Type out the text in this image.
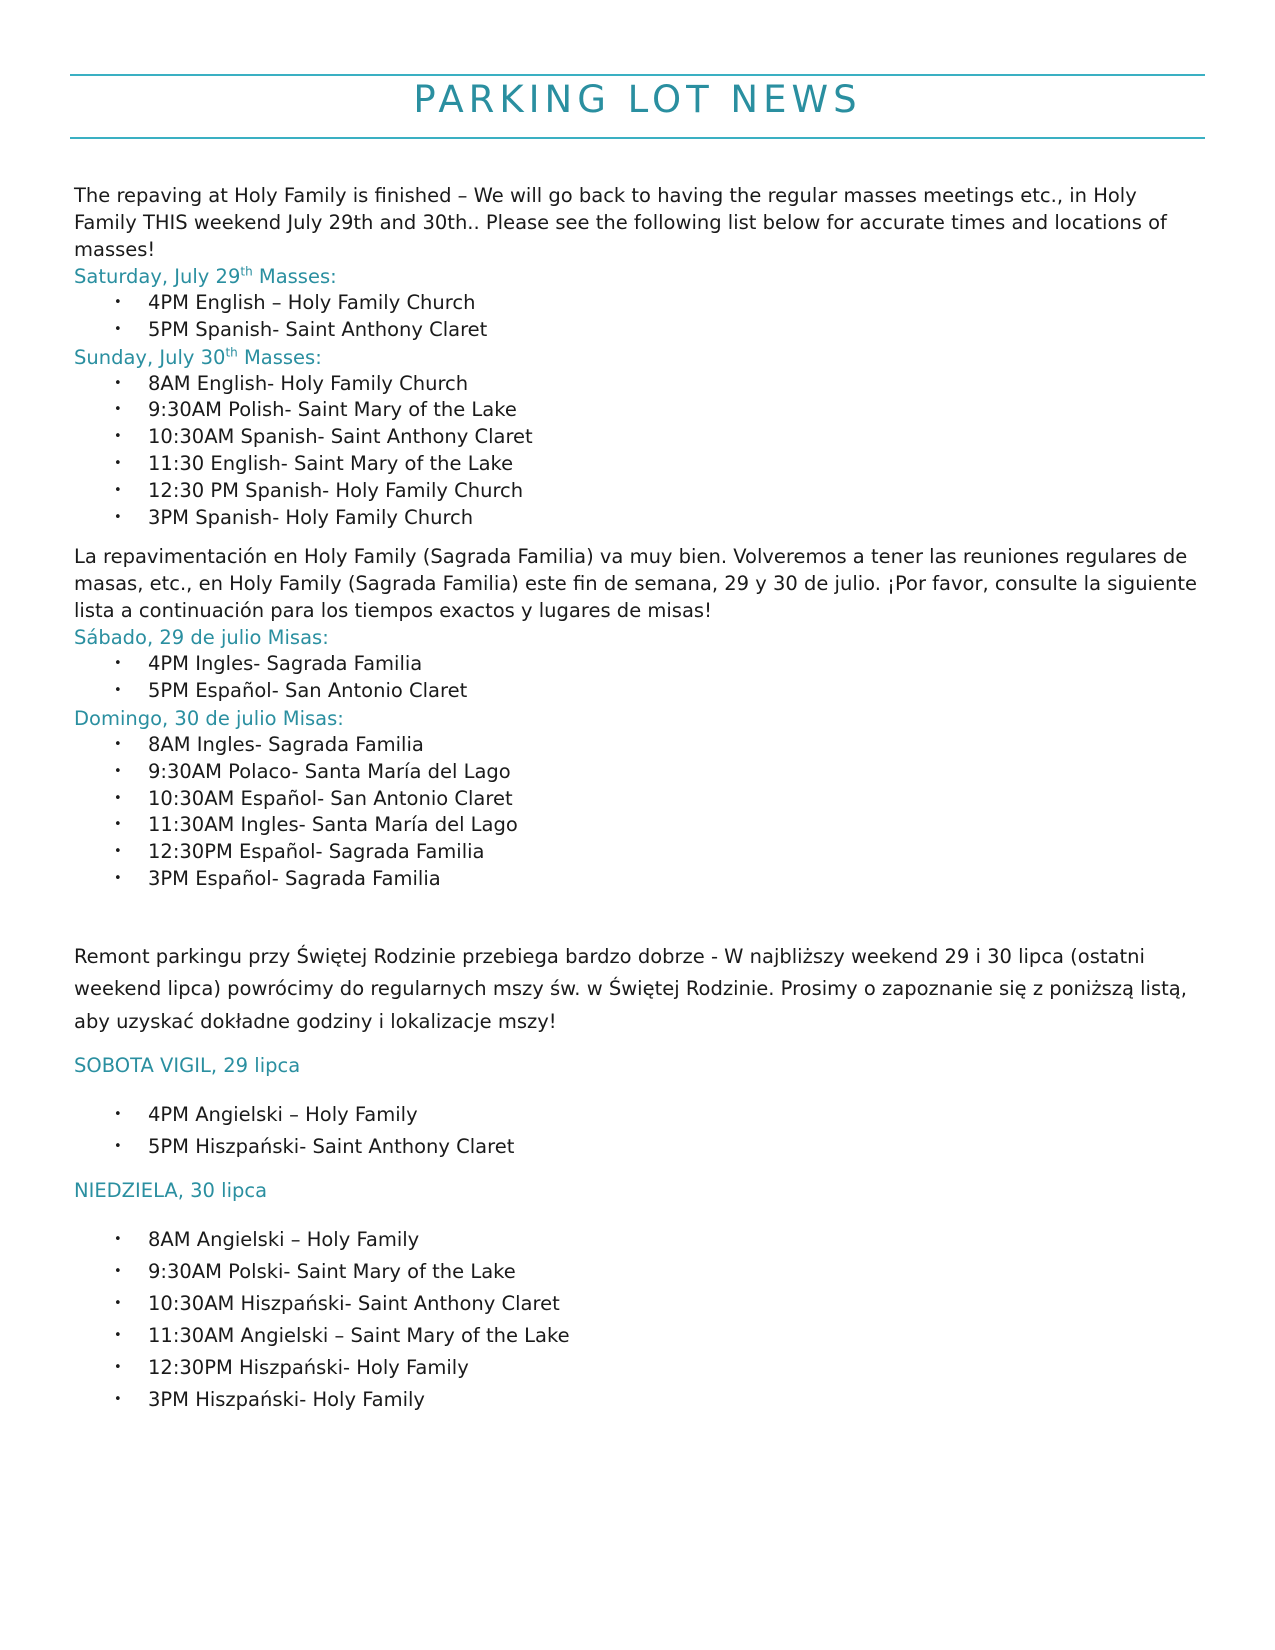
PARKING LOT NEWS

The repaving at Holy Family is finished – We will go back to having the regular masses meetings etc., in Holy Family THIS weekend July 29th and 30th.. Please see the following list below for accurate times and locations of masses!

Saturday, July 29th Masses:
• 4PM English – Holy Family Church
• 5PM Spanish- Saint Anthony Claret
Sunday, July 30th Masses:
• 8AM English- Holy Family Church
• 9:30AM Polish- Saint Mary of the Lake
• 10:30AM Spanish- Saint Anthony Claret
• 11:30 English- Saint Mary of the Lake
• 12:30 PM Spanish- Holy Family Church
• 3PM Spanish- Holy Family Church

La repavimentación en Holy Family (Sagrada Familia) va muy bien. Volveremos a tener las reuniones regulares de masas, etc., en Holy Family (Sagrada Familia) este fin de semana, 29 y 30 de julio. ¡Por favor, consulte la siguiente lista a continuación para los tiempos exactos y lugares de misas!

Sábado, 29 de julio Misas:
• 4PM Ingles- Sagrada Familia
• 5PM Español- San Antonio Claret
Domingo, 30 de julio Misas:
• 8AM Ingles- Sagrada Familia
• 9:30AM Polaco- Santa María del Lago
• 10:30AM Español- San Antonio Claret
• 11:30AM Ingles- Santa María del Lago
• 12:30PM Español- Sagrada Familia
• 3PM Español- Sagrada Familia

Remont parkingu przy Świętej Rodzinie przebiega bardzo dobrze - W najbliższy weekend 29 i 30 lipca (ostatni weekend lipca) powrócimy do regularnych mszy św. w Świętej Rodzinie. Prosimy o zapoznanie się z poniższą listą, aby uzyskać dokładne godziny i lokalizacje mszy!

SOBOTA VIGIL, 29 lipca
• 4PM Angielski – Holy Family
• 5PM Hiszpański- Saint Anthony Claret
NIEDZIELA, 30 lipca
• 8AM Angielski – Holy Family
• 9:30AM Polski- Saint Mary of the Lake
• 10:30AM Hiszpański- Saint Anthony Claret
• 11:30AM Angielski – Saint Mary of the Lake
• 12:30PM Hiszpański- Holy Family
• 3PM Hiszpański- Holy Family
